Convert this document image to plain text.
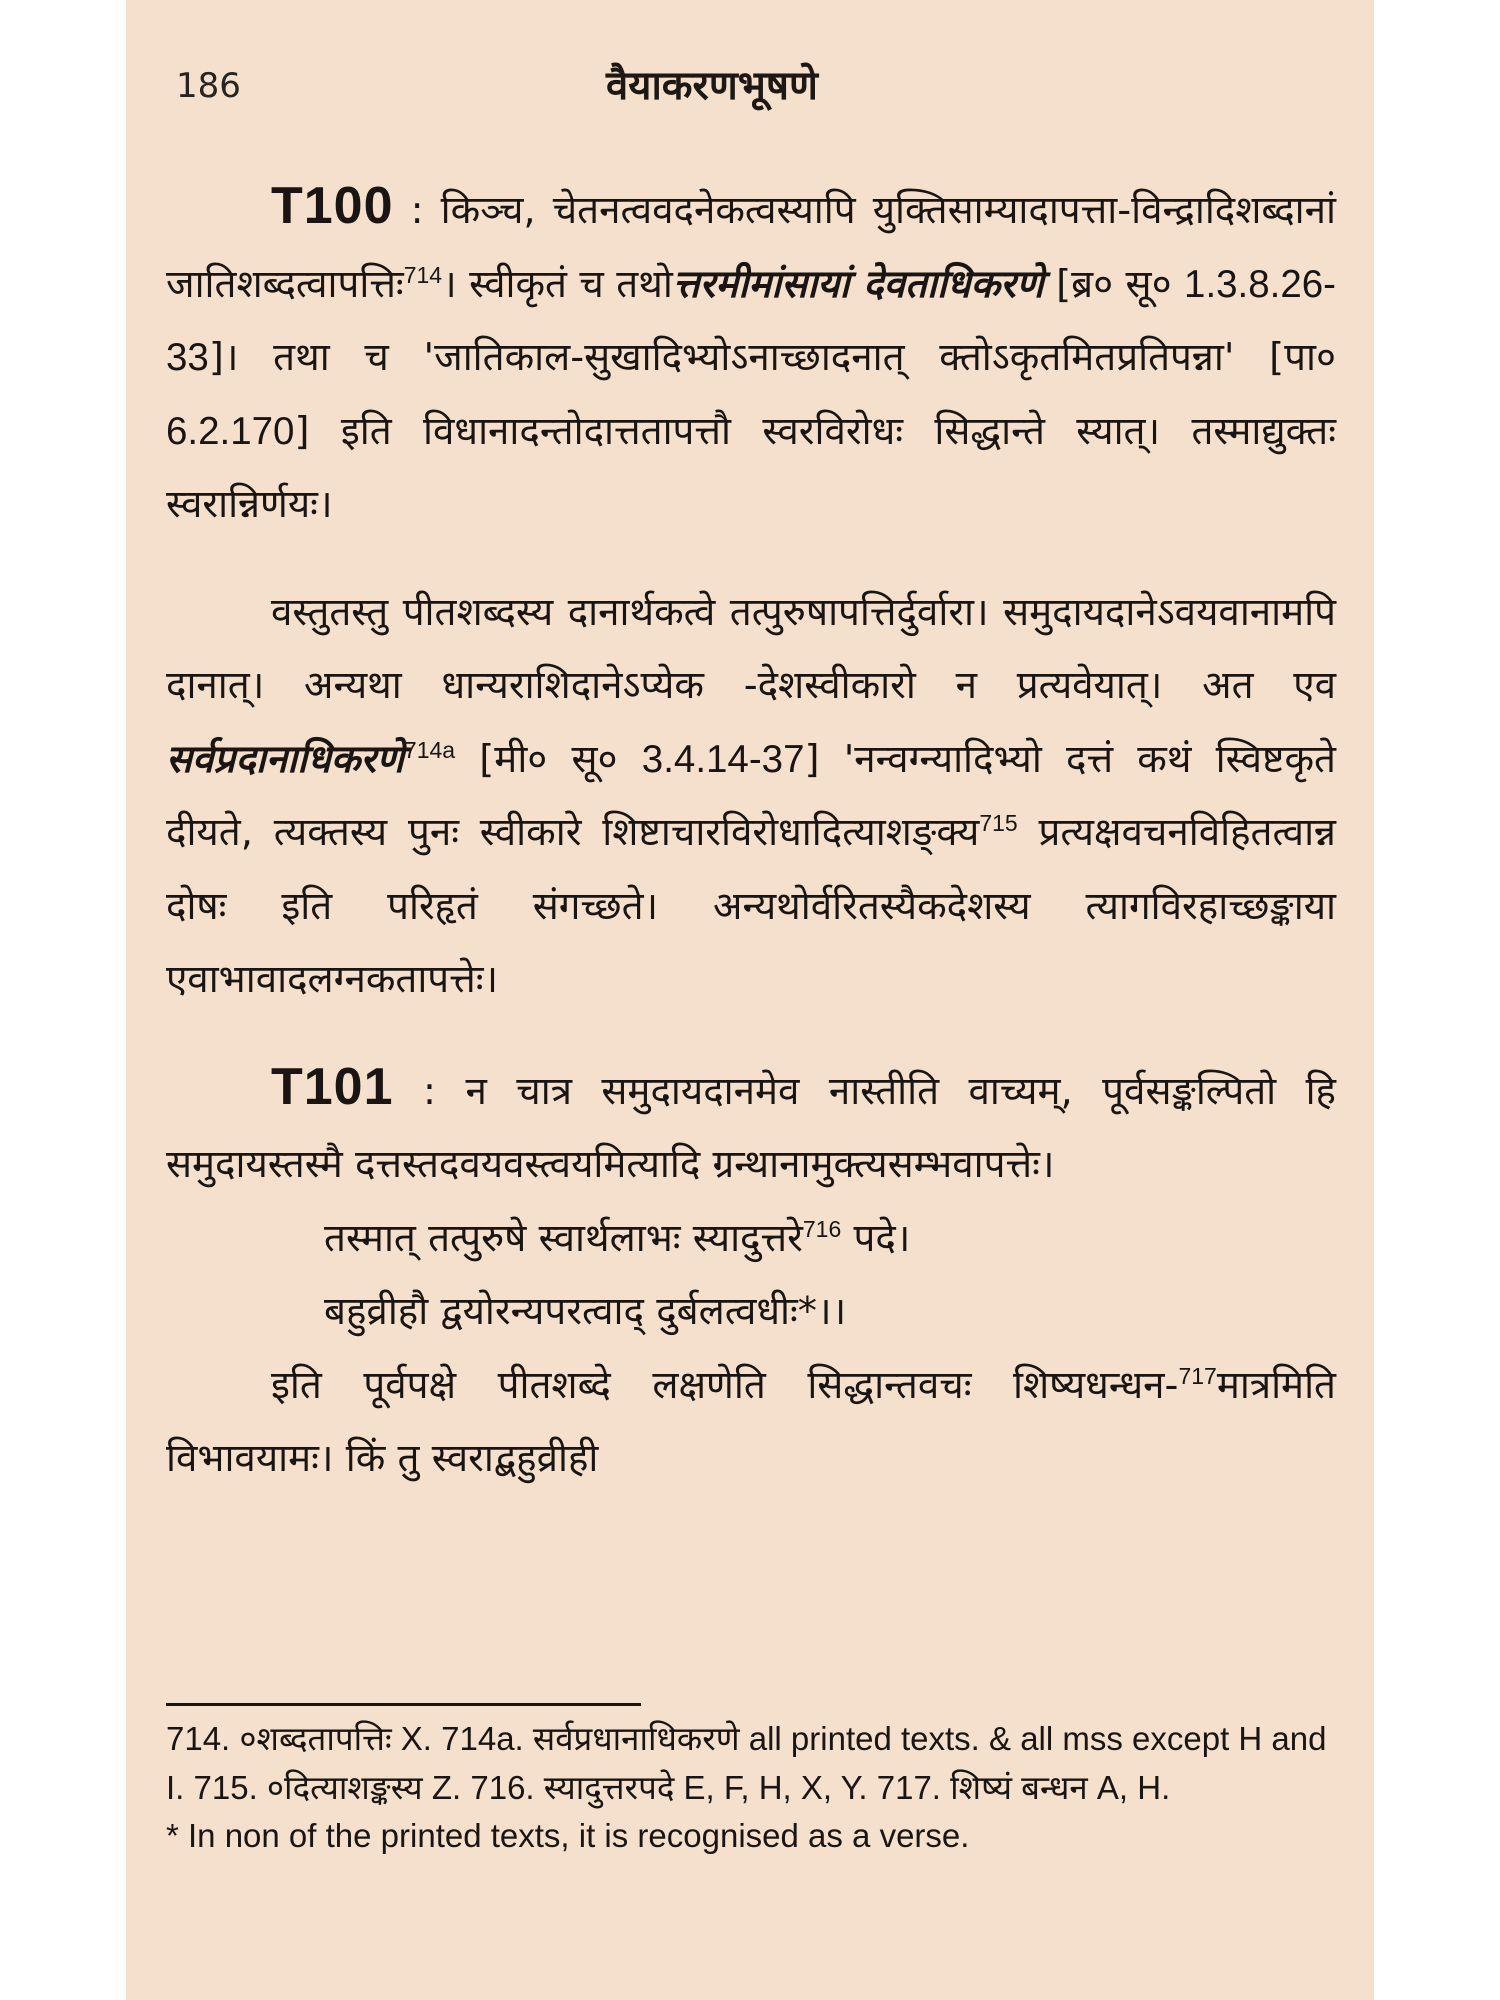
186	वैयाकरणभूषणे

T100 : किञ्च, चेतनत्ववदनेकत्वस्यापि युक्तिसाम्यादापत्ता-विन्द्रादिशब्दानां जातिशब्दत्वापत्तिः$^{714}$। स्वीकृतं च तथोत्तरमीमांसायां देवताधिकरणे [ब्र० सू० 1.3.8.26-33]। तथा च 'जातिकाल-सुखादिभ्योऽनाच्छादनात् क्तोऽकृतमितप्रतिपन्ना' [पा० 6.2.170] इति विधानादन्तोदात्ततापत्तौ स्वरविरोधः सिद्धान्ते स्यात्। तस्माद्युक्तः स्वरान्निर्णयः।

वस्तुतस्तु पीतशब्दस्य दानार्थकत्वे तत्पुरुषापत्तिर्दुर्वारा। समुदायदानेऽवयवानामपि दानात्। अन्यथा धान्यराशिदानेऽप्येक -देशस्वीकारो न प्रत्यवेयात्। अत एव सर्वप्रदानाधिकरणे$^{714a}$ [मी० सू० 3.4.14-37] 'नन्वग्न्यादिभ्यो दत्तं कथं स्विष्टकृते दीयते, त्यक्तस्य पुनः स्वीकारे शिष्टाचारविरोधादित्याशङ्क्य$^{715}$ प्रत्यक्षवचनविहितत्वान्न दोषः इति परिहृतं संगच्छते। अन्यथोर्वरितस्यैकदेशस्य त्यागविरहाच्छङ्काया एवाभावादलग्नकतापत्तेः।

T101 : न चात्र समुदायदानमेव नास्तीति वाच्यम्, पूर्वसङ्कल्पितो हि समुदायस्तस्मै दत्तस्तदवयवस्त्वयमित्यादि ग्रन्थानामुक्त्यसम्भवापत्तेः।

तस्मात् तत्पुरुषे स्वार्थलाभः स्यादुत्तरे$^{716}$ पदे।

बहुव्रीहौ द्वयोरन्यपरत्वाद् दुर्बलत्वधीः*।।

इति पूर्वपक्षे पीतशब्दे लक्षणेति सिद्धान्तवचः शिष्यधन्धन-$^{717}$मात्रमिति विभावयामः। किं तु स्वराद्बहुव्रीही

714. ०शब्दतापत्तिः X. 714a. सर्वप्रधानाधिकरणे all printed texts. & all mss except H and I. 715. ०दित्याशङ्कस्य Z. 716. स्यादुत्तरपदे E, F, H, X, Y. 717. शिष्यं बन्धन A, H.

* In non of the printed texts, it is recognised as a verse.
